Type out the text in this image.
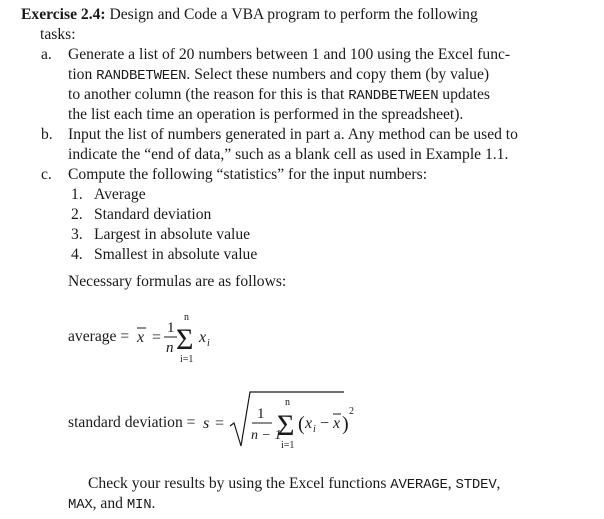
Exercise 2.4: Design and Code a VBA program to perform the following
tasks:
a. Generate a list of 20 numbers between 1 and 100 using the Excel func-
tion RANDBETWEEN. Select these numbers and copy them (by value)
to another column (the reason for this is that RANDBETWEEN updates
the list each time an operation is performed in the spreadsheet).
b. Input the list of numbers generated in part a. Any method can be used to
indicate the “end of data,” such as a blank cell as used in Example 1.1.
c. Compute the following “statistics” for the input numbers:
1. Average
2. Standard deviation
3. Largest in absolute value
4. Smallest in absolute value
Necessary formulas are as follows:
average = x =
1
n
n
Σ
i=1
x i
standard deviation = s =
1
n − 1
n
Σ
i=1
( x i − x )
2
Check your results by using the Excel functions AVERAGE, STDEV,
MAX, and MIN.
